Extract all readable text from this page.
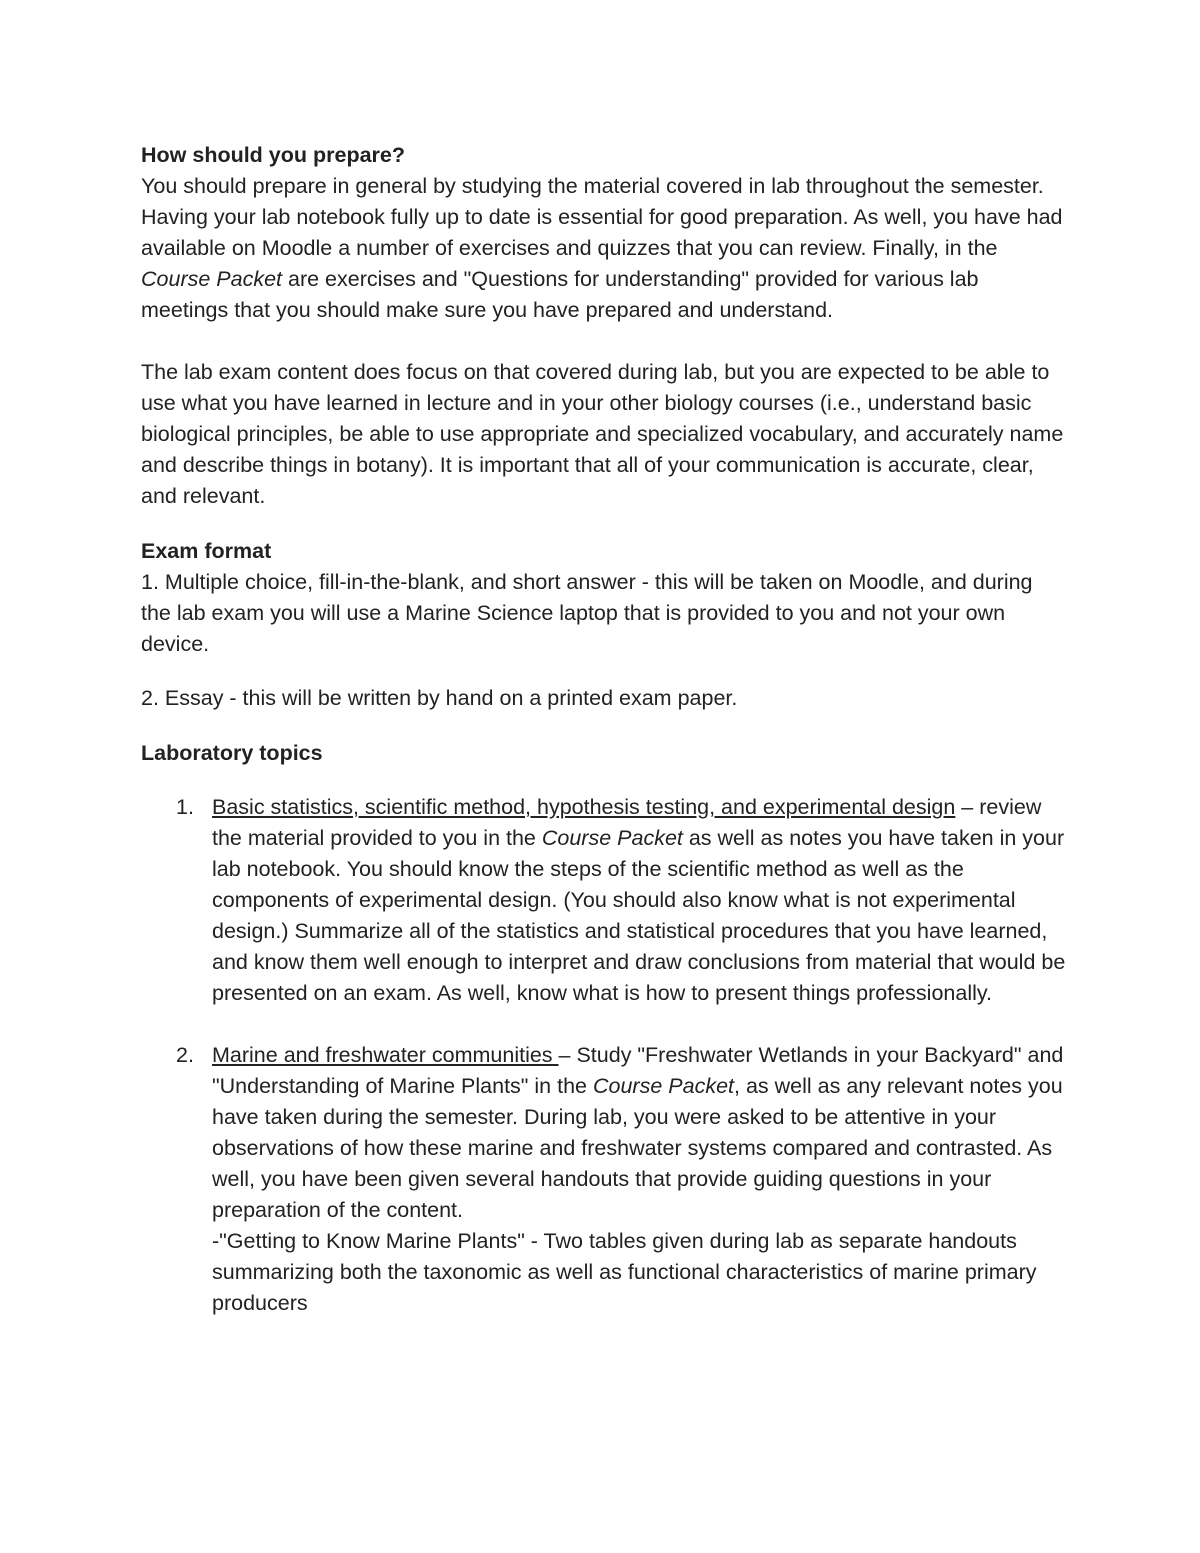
How should you prepare?

You should prepare in general by studying the material covered in lab throughout the semester. Having your lab notebook fully up to date is essential for good preparation. As well, you have had available on Moodle a number of exercises and quizzes that you can review. Finally, in the Course Packet are exercises and "Questions for understanding" provided for various lab meetings that you should make sure you have prepared and understand.

The lab exam content does focus on that covered during lab, but you are expected to be able to use what you have learned in lecture and in your other biology courses (i.e., understand basic biological principles, be able to use appropriate and specialized vocabulary, and accurately name and describe things in botany). It is important that all of your communication is accurate, clear, and relevant.

Exam format

1. Multiple choice, fill-in-the-blank, and short answer - this will be taken on Moodle, and during the lab exam you will use a Marine Science laptop that is provided to you and not your own device.

2. Essay - this will be written by hand on a printed exam paper.

Laboratory topics
1. Basic statistics, scientific method, hypothesis testing, and experimental design – review the material provided to you in the Course Packet as well as notes you have taken in your lab notebook. You should know the steps of the scientific method as well as the components of experimental design. (You should also know what is not experimental design.) Summarize all of the statistics and statistical procedures that you have learned, and know them well enough to interpret and draw conclusions from material that would be presented on an exam. As well, know what is how to present things professionally.
2. Marine and freshwater communities – Study "Freshwater Wetlands in your Backyard" and "Understanding of Marine Plants" in the Course Packet, as well as any relevant notes you have taken during the semester. During lab, you were asked to be attentive in your observations of how these marine and freshwater systems compared and contrasted. As well, you have been given several handouts that provide guiding questions in your preparation of the content.
-"Getting to Know Marine Plants" - Two tables given during lab as separate handouts summarizing both the taxonomic as well as functional characteristics of marine primary producers
